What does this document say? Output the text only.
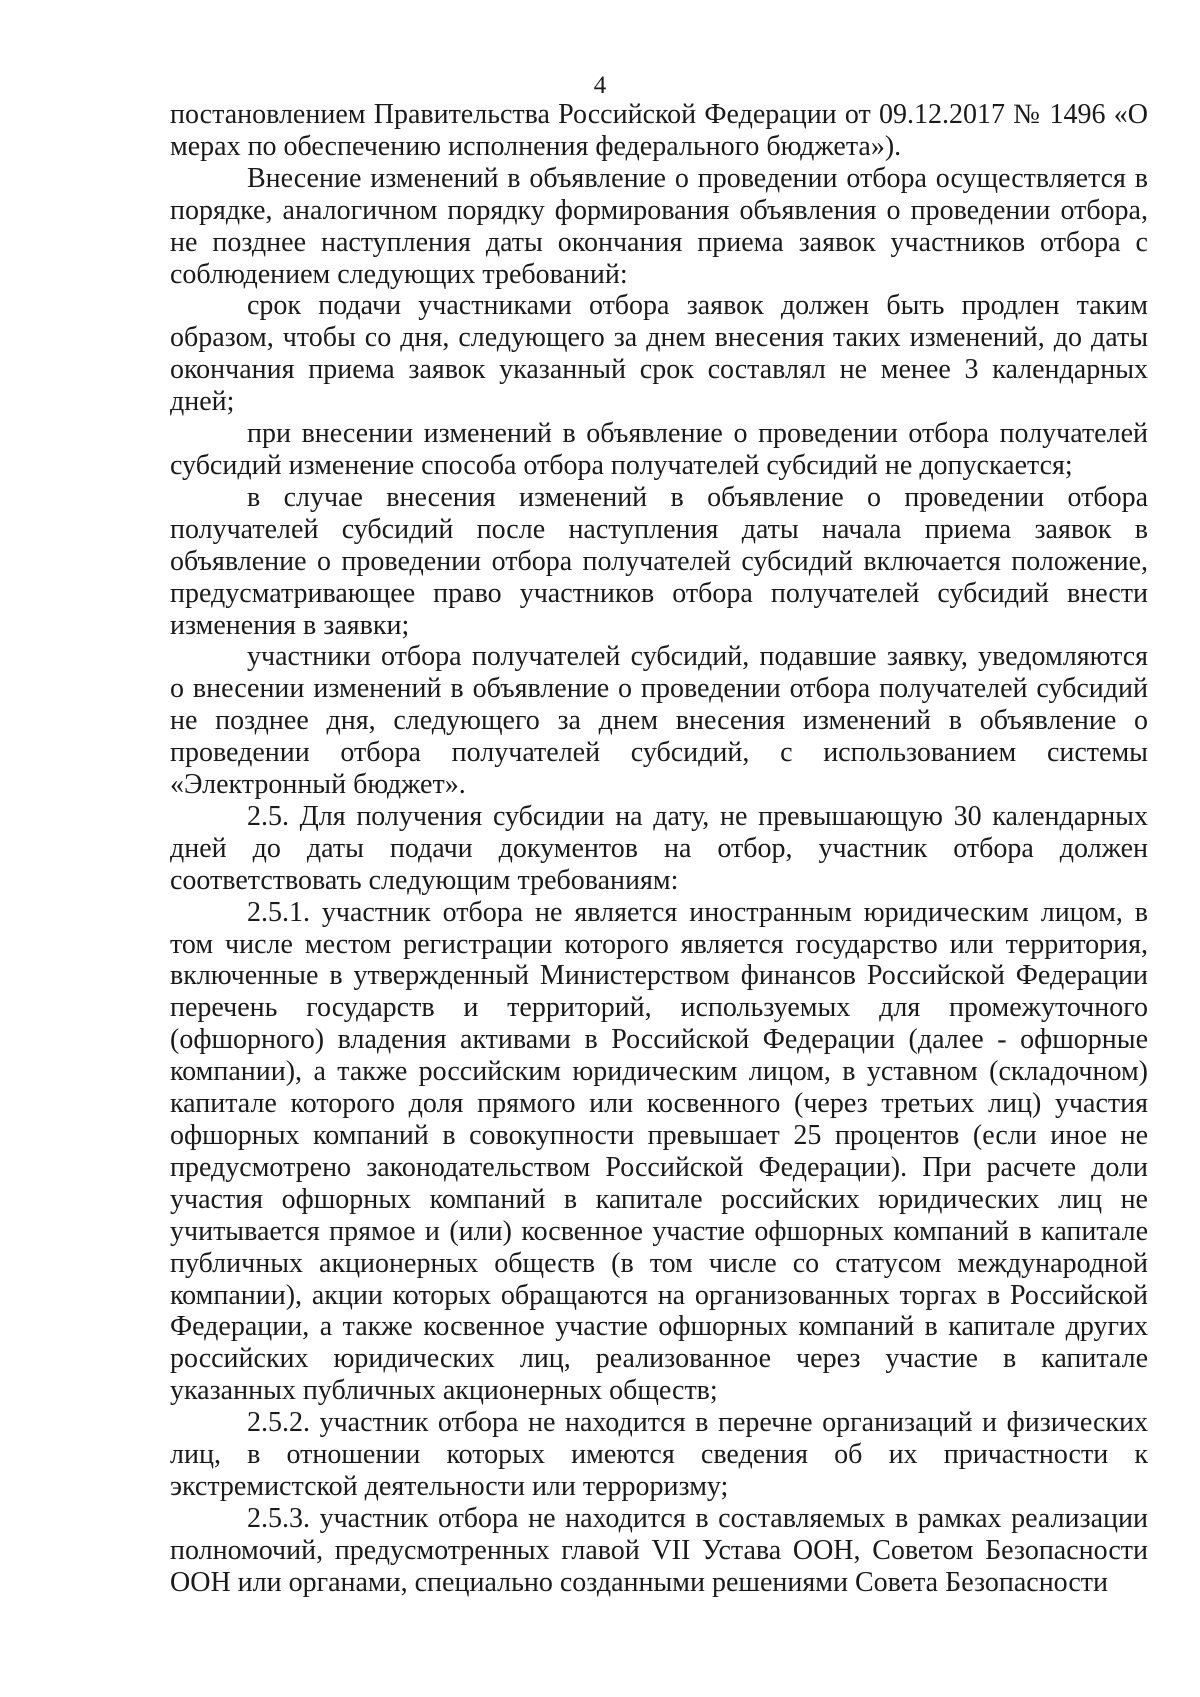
4

постановлением Правительства Российской Федерации от 09.12.2017 № 1496 «О мерах по обеспечению исполнения федерального бюджета»).

Внесение изменений в объявление о проведении отбора осуществляется в порядке, аналогичном порядку формирования объявления о проведении отбора, не позднее наступления даты окончания приема заявок участников отбора с соблюдением следующих требований:

срок подачи участниками отбора заявок должен быть продлен таким образом, чтобы со дня, следующего за днем внесения таких изменений, до даты окончания приема заявок указанный срок составлял не менее 3 календарных дней;

при внесении изменений в объявление о проведении отбора получателей субсидий изменение способа отбора получателей субсидий не допускается;

в случае внесения изменений в объявление о проведении отбора получателей субсидий после наступления даты начала приема заявок в объявление о проведении отбора получателей субсидий включается положение, предусматривающее право участников отбора получателей субсидий внести изменения в заявки;

участники отбора получателей субсидий, подавшие заявку, уведомляются о внесении изменений в объявление о проведении отбора получателей субсидий не позднее дня, следующего за днем внесения изменений в объявление о проведении отбора получателей субсидий, с использованием системы «Электронный бюджет».

2.5. Для получения субсидии на дату, не превышающую 30 календарных дней до даты подачи документов на отбор, участник отбора должен соответствовать следующим требованиям:

2.5.1. участник отбора не является иностранным юридическим лицом, в том числе местом регистрации которого является государство или территория, включенные в утвержденный Министерством финансов Российской Федерации перечень государств и территорий, используемых для промежуточного (офшорного) владения активами в Российской Федерации (далее - офшорные компании), а также российским юридическим лицом, в уставном (складочном) капитале которого доля прямого или косвенного (через третьих лиц) участия офшорных компаний в совокупности превышает 25 процентов (если иное не предусмотрено законодательством Российской Федерации). При расчете доли участия офшорных компаний в капитале российских юридических лиц не учитывается прямое и (или) косвенное участие офшорных компаний в капитале публичных акционерных обществ (в том числе со статусом международной компании), акции которых обращаются на организованных торгах в Российской Федерации, а также косвенное участие офшорных компаний в капитале других российских юридических лиц, реализованное через участие в капитале указанных публичных акционерных обществ;

2.5.2. участник отбора не находится в перечне организаций и физических лиц, в отношении которых имеются сведения об их причастности к экстремистской деятельности или терроризму;

2.5.3. участник отбора не находится в составляемых в рамках реализации полномочий, предусмотренных главой VII Устава ООН, Советом Безопасности ООН или органами, специально созданными решениями Совета Безопасности
